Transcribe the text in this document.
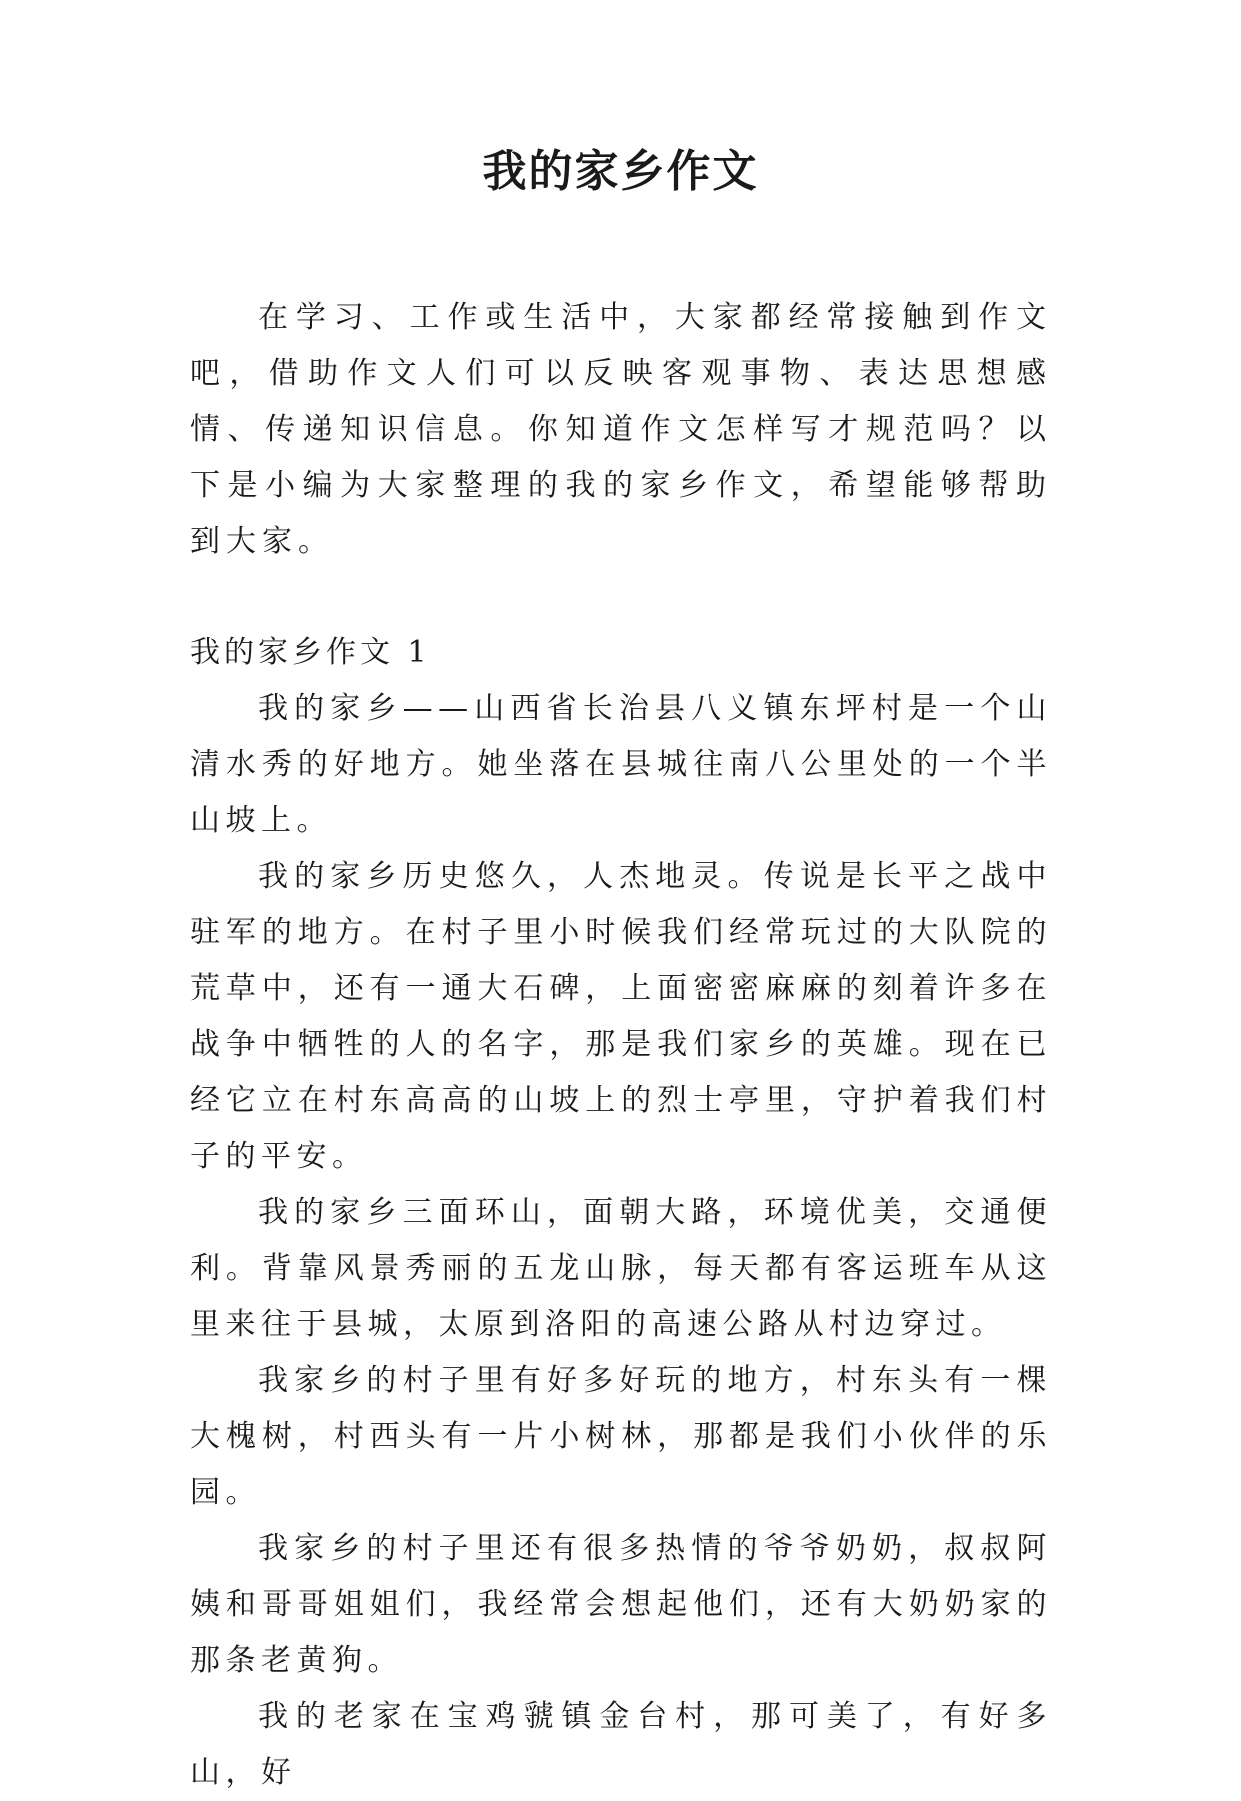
我的家乡作文

在学习、工作或生活中，大家都经常接触到作文吧，借助作文人们可以反映客观事物、表达思想感情、传递知识信息。你知道作文怎样写才规范吗？以下是小编为大家整理的我的家乡作文，希望能够帮助到大家。

我的家乡作文 1

我的家乡——山西省长治县八义镇东坪村是一个山清水秀的好地方。她坐落在县城往南八公里处的一个半山坡上。

我的家乡历史悠久，人杰地灵。传说是长平之战中驻军的地方。在村子里小时候我们经常玩过的大队院的荒草中，还有一通大石碑，上面密密麻麻的刻着许多在战争中牺牲的人的名字，那是我们家乡的英雄。现在已经它立在村东高高的山坡上的烈士亭里，守护着我们村子的平安。

我的家乡三面环山，面朝大路，环境优美，交通便利。背靠风景秀丽的五龙山脉，每天都有客运班车从这里来往于县城，太原到洛阳的高速公路从村边穿过。

我家乡的村子里有好多好玩的地方，村东头有一棵大槐树，村西头有一片小树林，那都是我们小伙伴的乐园。

我家乡的村子里还有很多热情的爷爷奶奶，叔叔阿姨和哥哥姐姐们，我经常会想起他们，还有大奶奶家的那条老黄狗。

我的老家在宝鸡虢镇金台村，那可美了，有好多山，好
